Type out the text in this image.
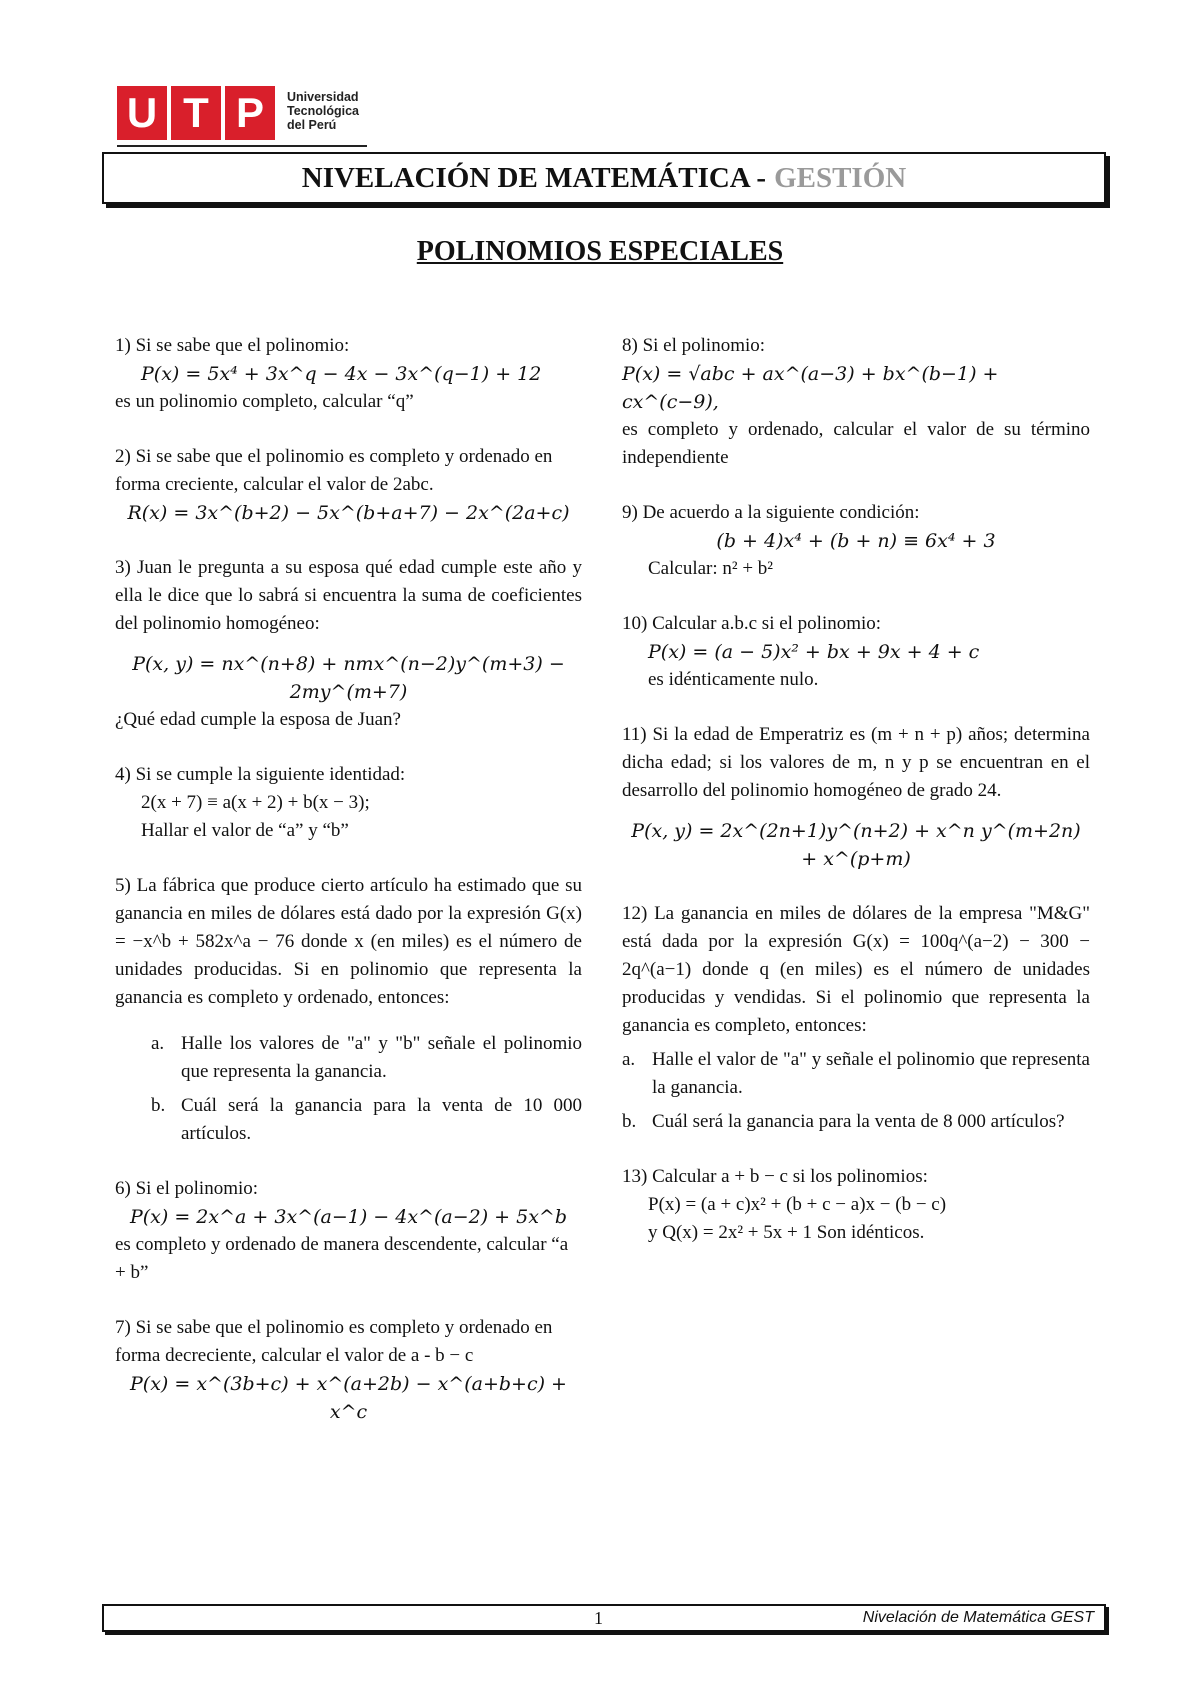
U T P	Universidad
Tecnológica
del Perú
NIVELACIÓN DE MATEMÁTICA - GESTIÓN
POLINOMIOS ESPECIALES
1) Si se sabe que el polinomio:
P(x) = 5x⁴ + 3x^q − 4x − 3x^(q−1) + 12
es un polinomio completo, calcular “q”
2) Si se sabe que el polinomio es completo y ordenado en forma creciente, calcular el valor de 2abc.
R(x) = 3x^(b+2) − 5x^(b+a+7) − 2x^(2a+c)
3) Juan le pregunta a su esposa qué edad cumple este año y ella le dice que lo sabrá si encuentra la suma de coeficientes del polinomio homogéneo:
P(x, y) = nx^(n+8) + nmx^(n−2)y^(m+3) − 2my^(m+7)
¿Qué edad cumple la esposa de Juan?
4) Si se cumple la siguiente identidad:
2(x + 7) ≡ a(x + 2) + b(x − 3);
Hallar el valor de “a” y “b”
5) La fábrica que produce cierto artículo ha estimado que su ganancia en miles de dólares está dado por la expresión G(x) = −x^b + 582x^a − 76 donde x (en miles) es el número de unidades producidas. Si en polinomio que representa la ganancia es completo y ordenado, entonces:
a. Halle los valores de "a" y "b" señale el polinomio que representa la ganancia.
b. Cuál será la ganancia para la venta de 10 000 artículos.
6) Si el polinomio:
P(x) = 2x^a + 3x^(a−1) − 4x^(a−2) + 5x^b
es completo y ordenado de manera descendente, calcular “a + b”
7) Si se sabe que el polinomio es completo y ordenado en forma decreciente, calcular el valor de a - b − c
P(x) = x^(3b+c) + x^(a+2b) − x^(a+b+c) + x^c
8) Si el polinomio:
P(x) = √abc + ax^(a−3) + bx^(b−1) + cx^(c−9),
es completo y ordenado, calcular el valor de su término independiente
9) De acuerdo a la siguiente condición:
(b + 4)x⁴ + (b + n) ≡ 6x⁴ + 3
Calcular: n² + b²
10) Calcular a.b.c si el polinomio:
P(x) = (a − 5)x² + bx + 9x + 4 + c
es idénticamente nulo.
11) Si la edad de Emperatriz es (m + n + p) años; determina dicha edad; si los valores de m, n y p se encuentran en el desarrollo del polinomio homogéneo de grado 24.
P(x, y) = 2x^(2n+1)y^(n+2) + x^n y^(m+2n) + x^(p+m)
12) La ganancia en miles de dólares de la empresa "M&G" está dada por la expresión G(x) = 100q^(a−2) − 300 − 2q^(a−1) donde q (en miles) es el número de unidades producidas y vendidas. Si el polinomio que representa la ganancia es completo, entonces:
a. Halle el valor de "a" y señale el polinomio que representa la ganancia.
b. Cuál será la ganancia para la venta de 8 000 artículos?
13) Calcular a + b − c si los polinomios:
P(x) = (a + c)x² + (b + c − a)x − (b − c)
y Q(x) = 2x² + 5x + 1 Son idénticos.
1	Nivelación de Matemática GEST
